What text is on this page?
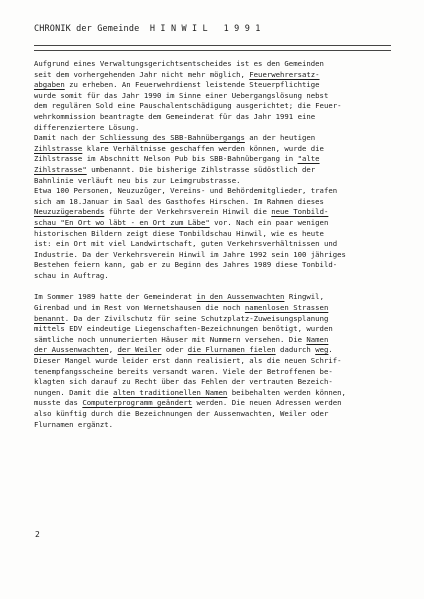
CHRONIK der Gemeinde  H I N W I L   1 9 9 1

Aufgrund eines Verwaltungsgerichtsentscheides ist es den Gemeinden

seit dem vorhergehenden Jahr nicht mehr möglich, Feuerwehrersatz-

abgaben zu erheben. An Feuerwehrdienst leistende Steuerpflichtige

wurde somit für das Jahr 1990 im Sinne einer Uebergangslösung nebst

dem regulären Sold eine Pauschalentschädigung ausgerichtet; die Feuer-

wehrkommission beantragte dem Gemeinderat für das Jahr 1991 eine

differenziertere Lösung.

Damit nach der Schliessung des SBB-Bahnübergangs an der heutigen

Zihlstrasse klare Verhältnisse geschaffen werden können, wurde die

Zihlstrasse im Abschnitt Nelson Pub bis SBB-Bahnübergang in "alte

Zihlstrasse" umbenannt. Die bisherige Zihlstrasse südöstlich der

Bahnlinie verläuft neu bis zur Leimgrubstrasse.

Etwa 100 Personen, Neuzuzüger, Vereins- und Behördemitglieder, trafen

sich am 18.Januar im Saal des Gasthofes Hirschen. Im Rahmen dieses

Neuzuzügerabends führte der Verkehrsverein Hinwil die neue Tonbild-

schau "En Ort wo läbt - en Ort zum Läbe" vor. Nach ein paar wenigen

historischen Bildern zeigt diese Tonbildschau Hinwil, wie es heute

ist: ein Ort mit viel Landwirtschaft, guten Verkehrsverhältnissen und

Industrie. Da der Verkehrsverein Hinwil im Jahre 1992 sein 100 jähriges

Bestehen feiern kann, gab er zu Beginn des Jahres 1989 diese Tonbild-

schau in Auftrag.

Im Sommer 1989 hatte der Gemeinderat in den Aussenwachten Ringwil,

Girenbad und im Rest von Wernetshausen die noch namenlosen Strassen

benannt. Da der Zivilschutz für seine Schutzplatz-Zuweisungsplanung

mittels EDV eindeutige Liegenschaften-Bezeichnungen benötigt, wurden

sämtliche noch unnumerierten Häuser mit Nummern versehen. Die Namen

der Aussenwachten, der Weiler oder die Flurnamen fielen dadurch weg.

Dieser Mangel wurde leider erst dann realisiert, als die neuen Schrif-

tenempfangsscheine bereits versandt waren. Viele der Betroffenen be-

klagten sich darauf zu Recht über das Fehlen der vertrauten Bezeich-

nungen. Damit die alten traditionellen Namen beibehalten werden können,

musste das Computerprogramm geändert werden. Die neuen Adressen werden

also künftig durch die Bezeichnungen der Aussenwachten, Weiler oder

Flurnamen ergänzt.

2
